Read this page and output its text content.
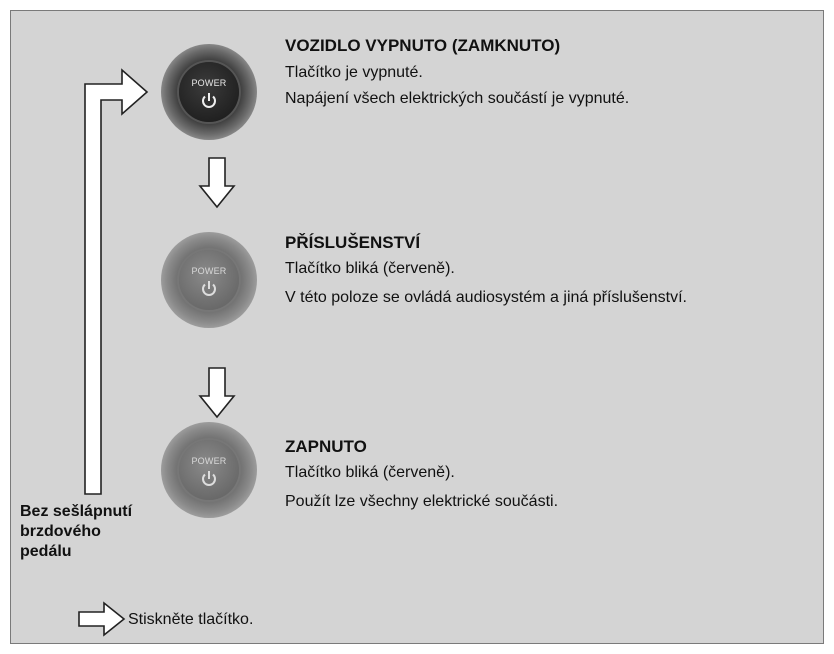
POWER
VOZIDLO VYPNUTO (ZAMKNUTO)
Tlačítko je vypnuté.
Napájení všech elektrických součástí je vypnuté.
POWER
PŘÍSLUŠENSTVÍ
Tlačítko bliká (červeně).
V této poloze se ovládá audiosystém a jiná příslušenství.
POWER
ZAPNUTO
Tlačítko bliká (červeně).
Použít lze všechny elektrické součásti.
Bez sešlápnutí
brzdového
pedálu
Stiskněte tlačítko.
